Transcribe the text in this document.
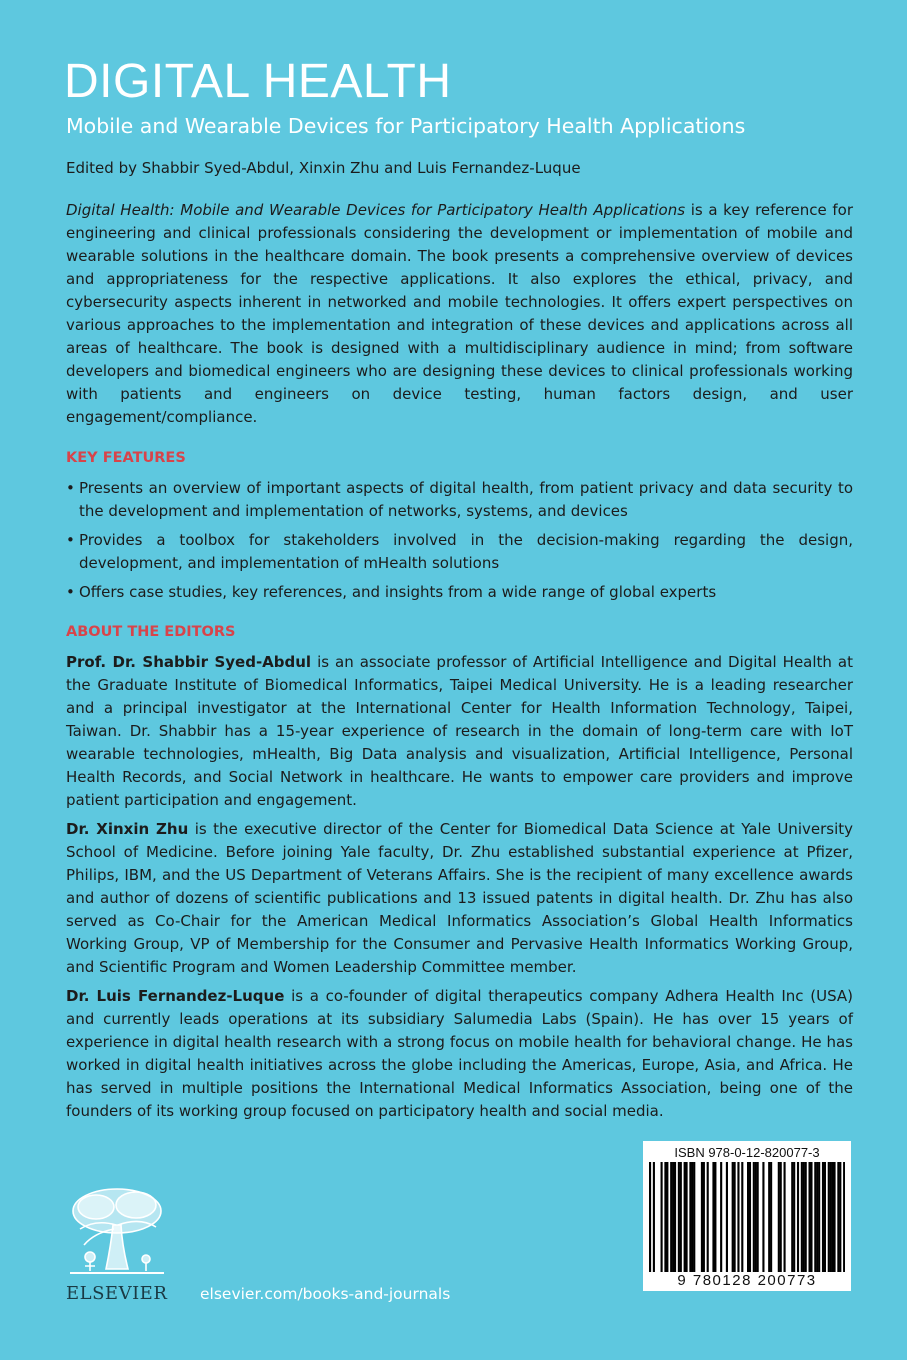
DIGITAL HEALTH
Mobile and Wearable Devices for Participatory Health Applications
Edited by Shabbir Syed-Abdul, Xinxin Zhu and Luis Fernandez-Luque

Digital Health: Mobile and Wearable Devices for Participatory Health Applications is a key reference for engineering and clinical professionals considering the development or implementation of mobile and wearable solutions in the healthcare domain. The book presents a comprehensive overview of devices and appropriateness for the respective applications. It also explores the ethical, privacy, and cybersecurity aspects inherent in networked and mobile technologies. It offers expert perspectives on various approaches to the implementation and integration of these devices and applications across all areas of healthcare. The book is designed with a multidisciplinary audience in mind; from software developers and biomedical engineers who are designing these devices to clinical professionals working with patients and engineers on device testing, human factors design, and user engagement/compliance.

KEY FEATURES
• Presents an overview of important aspects of digital health, from patient privacy and data security to the development and implementation of networks, systems, and devices
• Provides a toolbox for stakeholders involved in the decision-making regarding the design, development, and implementation of mHealth solutions
• Offers case studies, key references, and insights from a wide range of global experts
ABOUT THE EDITORS

Prof. Dr. Shabbir Syed-Abdul is an associate professor of Artificial Intelligence and Digital Health at the Graduate Institute of Biomedical Informatics, Taipei Medical University. He is a leading researcher and a principal investigator at the International Center for Health Information Technology, Taipei, Taiwan. Dr. Shabbir has a 15-year experience of research in the domain of long-term care with IoT wearable technologies, mHealth, Big Data analysis and visualization, Artificial Intelligence, Personal Health Records, and Social Network in healthcare. He wants to empower care providers and improve patient participation and engagement.

Dr. Xinxin Zhu is the executive director of the Center for Biomedical Data Science at Yale University School of Medicine. Before joining Yale faculty, Dr. Zhu established substantial experience at Pfizer, Philips, IBM, and the US Department of Veterans Affairs. She is the recipient of many excellence awards and author of dozens of scientific publications and 13 issued patents in digital health. Dr. Zhu has also served as Co-Chair for the American Medical Informatics Association’s Global Health Informatics Working Group, VP of Membership for the Consumer and Pervasive Health Informatics Working Group, and Scientific Program and Women Leadership Committee member.

Dr. Luis Fernandez-Luque is a co-founder of digital therapeutics company Adhera Health Inc (USA) and currently leads operations at its subsidiary Salumedia Labs (Spain). He has over 15 years of experience in digital health research with a strong focus on mobile health for behavioral change. He has worked in digital health initiatives across the globe including the Americas, Europe, Asia, and Africa. He has served in multiple positions the International Medical Informatics Association, being one of the founders of its working group focused on participatory health and social media.

ISBN 978-0-12-820077-3
9 780128 200773
ELSEVIER elsevier.com/books-and-journals
